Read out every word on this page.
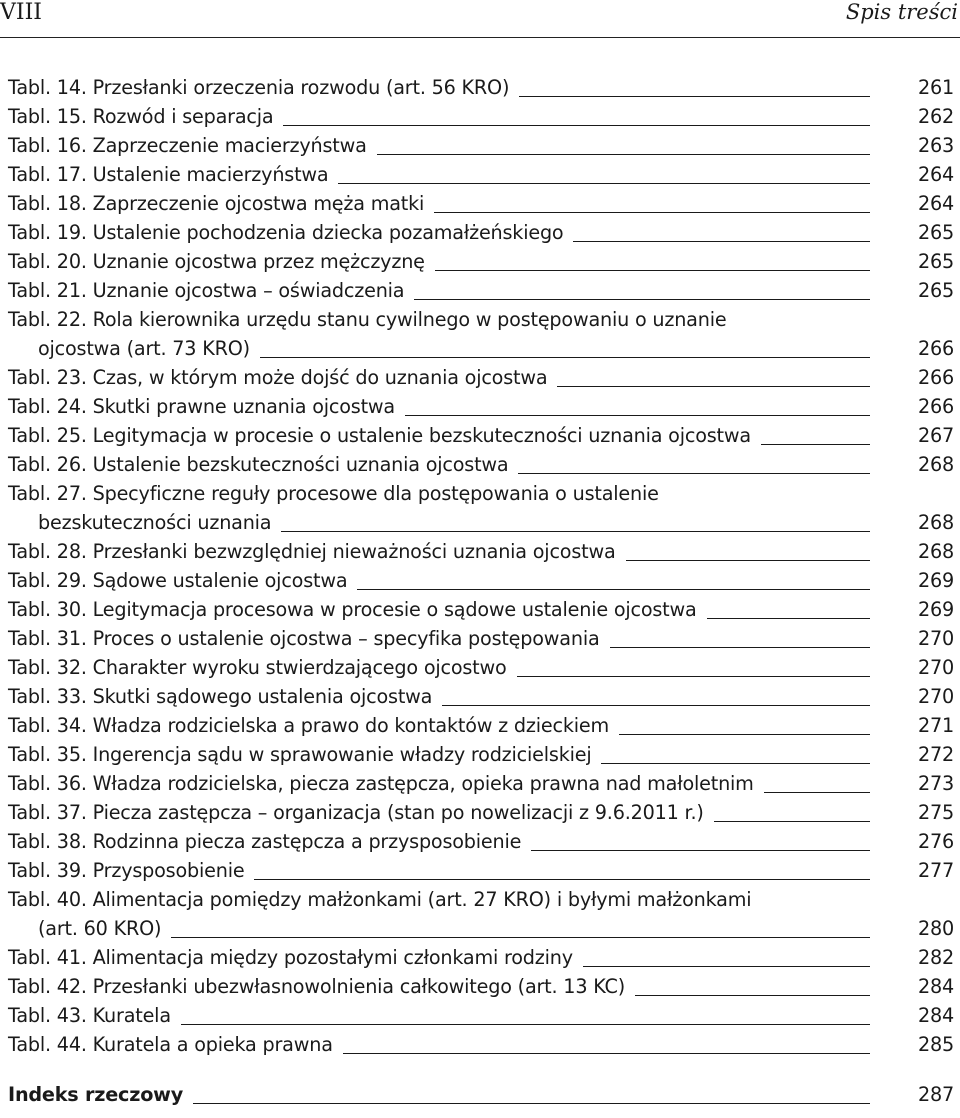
VIII	Spis treści
Tabl. 14. Przesłanki orzeczenia rozwodu (art. 56 KRO)	261
Tabl. 15. Rozwód i separacja	262
Tabl. 16. Zaprzeczenie macierzyństwa	263
Tabl. 17. Ustalenie macierzyństwa	264
Tabl. 18. Zaprzeczenie ojcostwa męża matki	264
Tabl. 19. Ustalenie pochodzenia dziecka pozamałżeńskiego	265
Tabl. 20. Uznanie ojcostwa przez mężczyznę	265
Tabl. 21. Uznanie ojcostwa – oświadczenia	265
Tabl. 22. Rola kierownika urzędu stanu cywilnego w postępowaniu o uznanie
ojcostwa (art. 73 KRO)	266
Tabl. 23. Czas, w którym może dojść do uznania ojcostwa	266
Tabl. 24. Skutki prawne uznania ojcostwa	266
Tabl. 25. Legitymacja w procesie o ustalenie bezskuteczności uznania ojcostwa	267
Tabl. 26. Ustalenie bezskuteczności uznania ojcostwa	268
Tabl. 27. Specyficzne reguły procesowe dla postępowania o ustalenie
bezskuteczności uznania	268
Tabl. 28. Przesłanki bezwzględniej nieważności uznania ojcostwa	268
Tabl. 29. Sądowe ustalenie ojcostwa	269
Tabl. 30. Legitymacja procesowa w procesie o sądowe ustalenie ojcostwa	269
Tabl. 31. Proces o ustalenie ojcostwa – specyfika postępowania	270
Tabl. 32. Charakter wyroku stwierdzającego ojcostwo	270
Tabl. 33. Skutki sądowego ustalenia ojcostwa	270
Tabl. 34. Władza rodzicielska a prawo do kontaktów z dzieckiem	271
Tabl. 35. Ingerencja sądu w sprawowanie władzy rodzicielskiej	272
Tabl. 36. Władza rodzicielska, piecza zastępcza, opieka prawna nad małoletnim	273
Tabl. 37. Piecza zastępcza – organizacja (stan po nowelizacji z 9.6.2011 r.)	275
Tabl. 38. Rodzinna piecza zastępcza a przysposobienie	276
Tabl. 39. Przysposobienie	277
Tabl. 40. Alimentacja pomiędzy małżonkami (art. 27 KRO) i byłymi małżonkami
(art. 60 KRO)	280
Tabl. 41. Alimentacja między pozostałymi członkami rodziny	282
Tabl. 42. Przesłanki ubezwłasnowolnienia całkowitego (art. 13 KC)	284
Tabl. 43. Kuratela	284
Tabl. 44. Kuratela a opieka prawna	285
Indeks rzeczowy	287
